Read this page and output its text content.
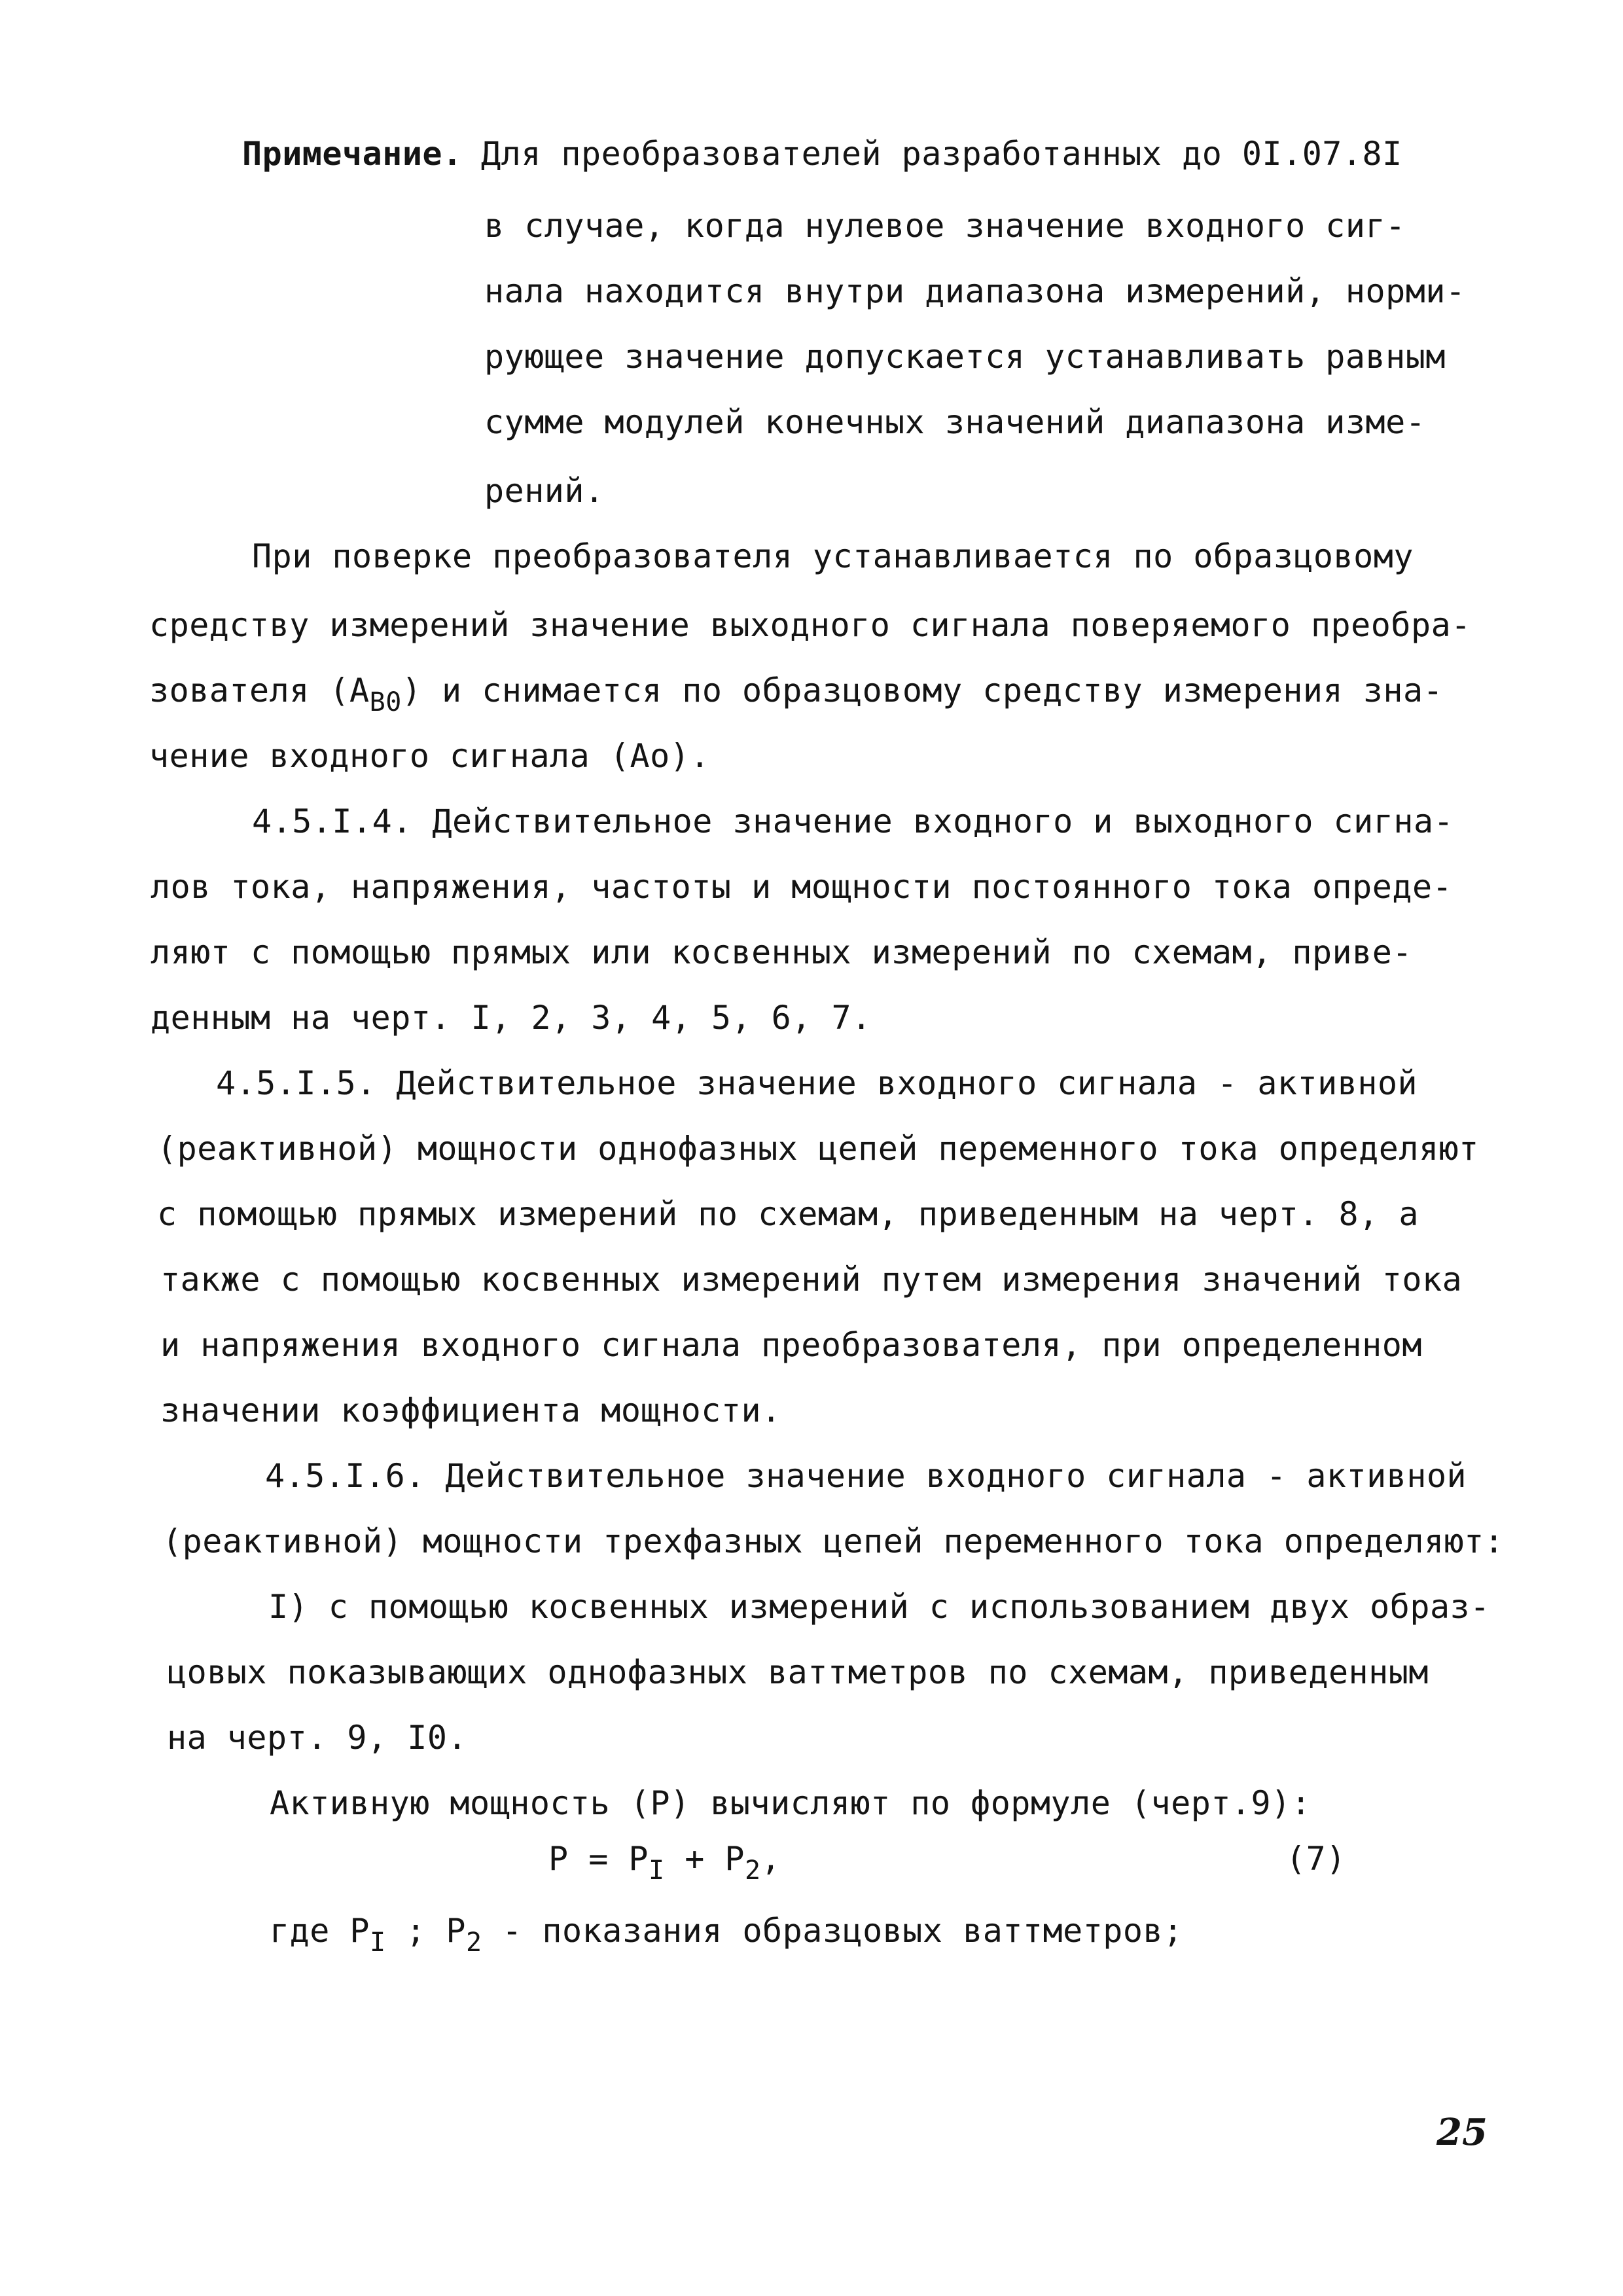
Примечание. Для преобразователей разработанных до 0I.07.8I
в случае, когда нулевое значение входного сиг-
нала находится внутри диапазона измерений, норми-
рующее значение допускается устанавливать равным
сумме модулей конечных значений диапазона изме-
рений.
При поверке преобразователя устанавливается по образцовому
средству измерений значение выходного сигнала поверяемого преобра-
зователя $(А_{В0})$ и снимается по образцовому средству измерения зна-
чение входного сигнала (Ао).
4.5.I.4. Действительное значение входного и выходного сигна-
лов тока, напряжения, частоты и мощности постоянного тока опреде-
ляют с помощью прямых или косвенных измерений по схемам, приве-
денным на черт. I, 2, 3, 4, 5, 6, 7.
4.5.I.5. Действительное значение входного сигнала - активной
(реактивной) мощности однофазных цепей переменного тока определяют
с помощью прямых измерений по схемам, приведенным на черт. 8, а
также с помощью косвенных измерений путем измерения значений тока
и напряжения входного сигнала преобразователя, при определенном
значении коэффициента мощности.
4.5.I.6. Действительное значение входного сигнала - активной
(реактивной) мощности трехфазных цепей переменного тока определяют:
I) с помощью косвенных измерений с использованием двух образ-
цовых показывающих однофазных ваттметров по схемам, приведенным
на черт. 9, I0.
Активную мощность (Р) вычисляют по формуле (черт.9):
$Р = Р_I + Р_2$,	(7)
где $Р_I$ ; $Р_2$ - показания образцовых ваттметров;
25
